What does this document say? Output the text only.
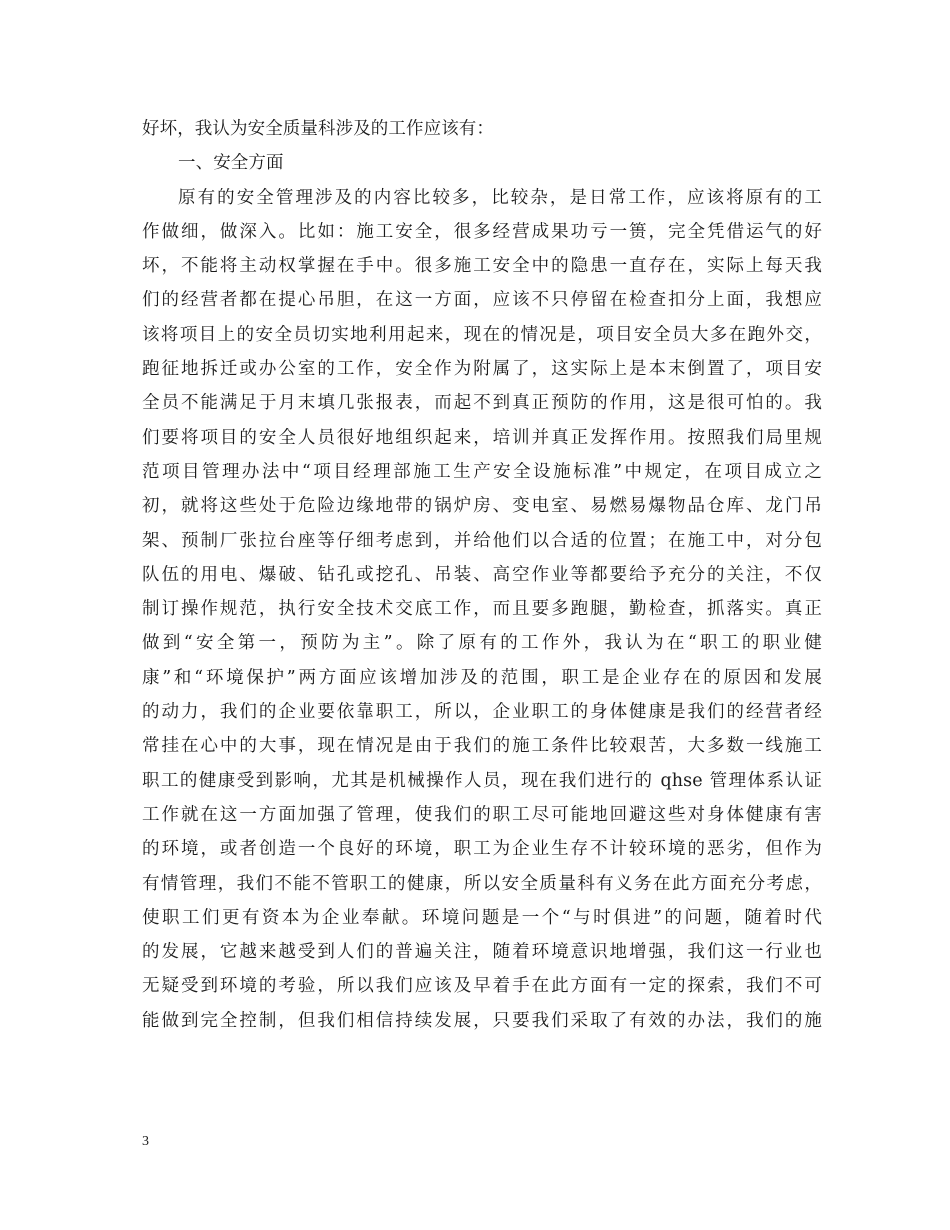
好坏，我认为安全质量科涉及的工作应该有：
一、安全方面
原有的安全管理涉及的内容比较多，比较杂，是日常工作，应该将原有的工
作做细，做深入。比如：施工安全，很多经营成果功亏一篑，完全凭借运气的好
坏，不能将主动权掌握在手中。很多施工安全中的隐患一直存在，实际上每天我
们的经营者都在提心吊胆，在这一方面，应该不只停留在检查扣分上面，我想应
该将项目上的安全员切实地利用起来，现在的情况是，项目安全员大多在跑外交，
跑征地拆迁或办公室的工作，安全作为附属了，这实际上是本末倒置了，项目安
全员不能满足于月末填几张报表，而起不到真正预防的作用，这是很可怕的。我
们要将项目的安全人员很好地组织起来，培训并真正发挥作用。按照我们局里规
范项目管理办法中“项目经理部施工生产安全设施标准”中规定，在项目成立之
初，就将这些处于危险边缘地带的锅炉房、变电室、易燃易爆物品仓库、龙门吊
架、预制厂张拉台座等仔细考虑到，并给他们以合适的位置；在施工中，对分包
队伍的用电、爆破、钻孔或挖孔、吊装、高空作业等都要给予充分的关注，不仅
制订操作规范，执行安全技术交底工作，而且要多跑腿，勤检查，抓落实。真正
做到“安全第一，预防为主”。除了原有的工作外，我认为在“职工的职业健
康”和“环境保护”两方面应该增加涉及的范围，职工是企业存在的原因和发展
的动力，我们的企业要依靠职工，所以，企业职工的身体健康是我们的经营者经
常挂在心中的大事，现在情况是由于我们的施工条件比较艰苦，大多数一线施工
职工的健康受到影响，尤其是机械操作人员，现在我们进行的 qhse 管理体系认证
工作就在这一方面加强了管理，使我们的职工尽可能地回避这些对身体健康有害
的环境，或者创造一个良好的环境，职工为企业生存不计较环境的恶劣，但作为
有情管理，我们不能不管职工的健康，所以安全质量科有义务在此方面充分考虑，
使职工们更有资本为企业奉献。环境问题是一个“与时俱进”的问题，随着时代
的发展，它越来越受到人们的普遍关注，随着环境意识地增强，我们这一行业也
无疑受到环境的考验，所以我们应该及早着手在此方面有一定的探索，我们不可
能做到完全控制，但我们相信持续发展，只要我们采取了有效的办法，我们的施
3
